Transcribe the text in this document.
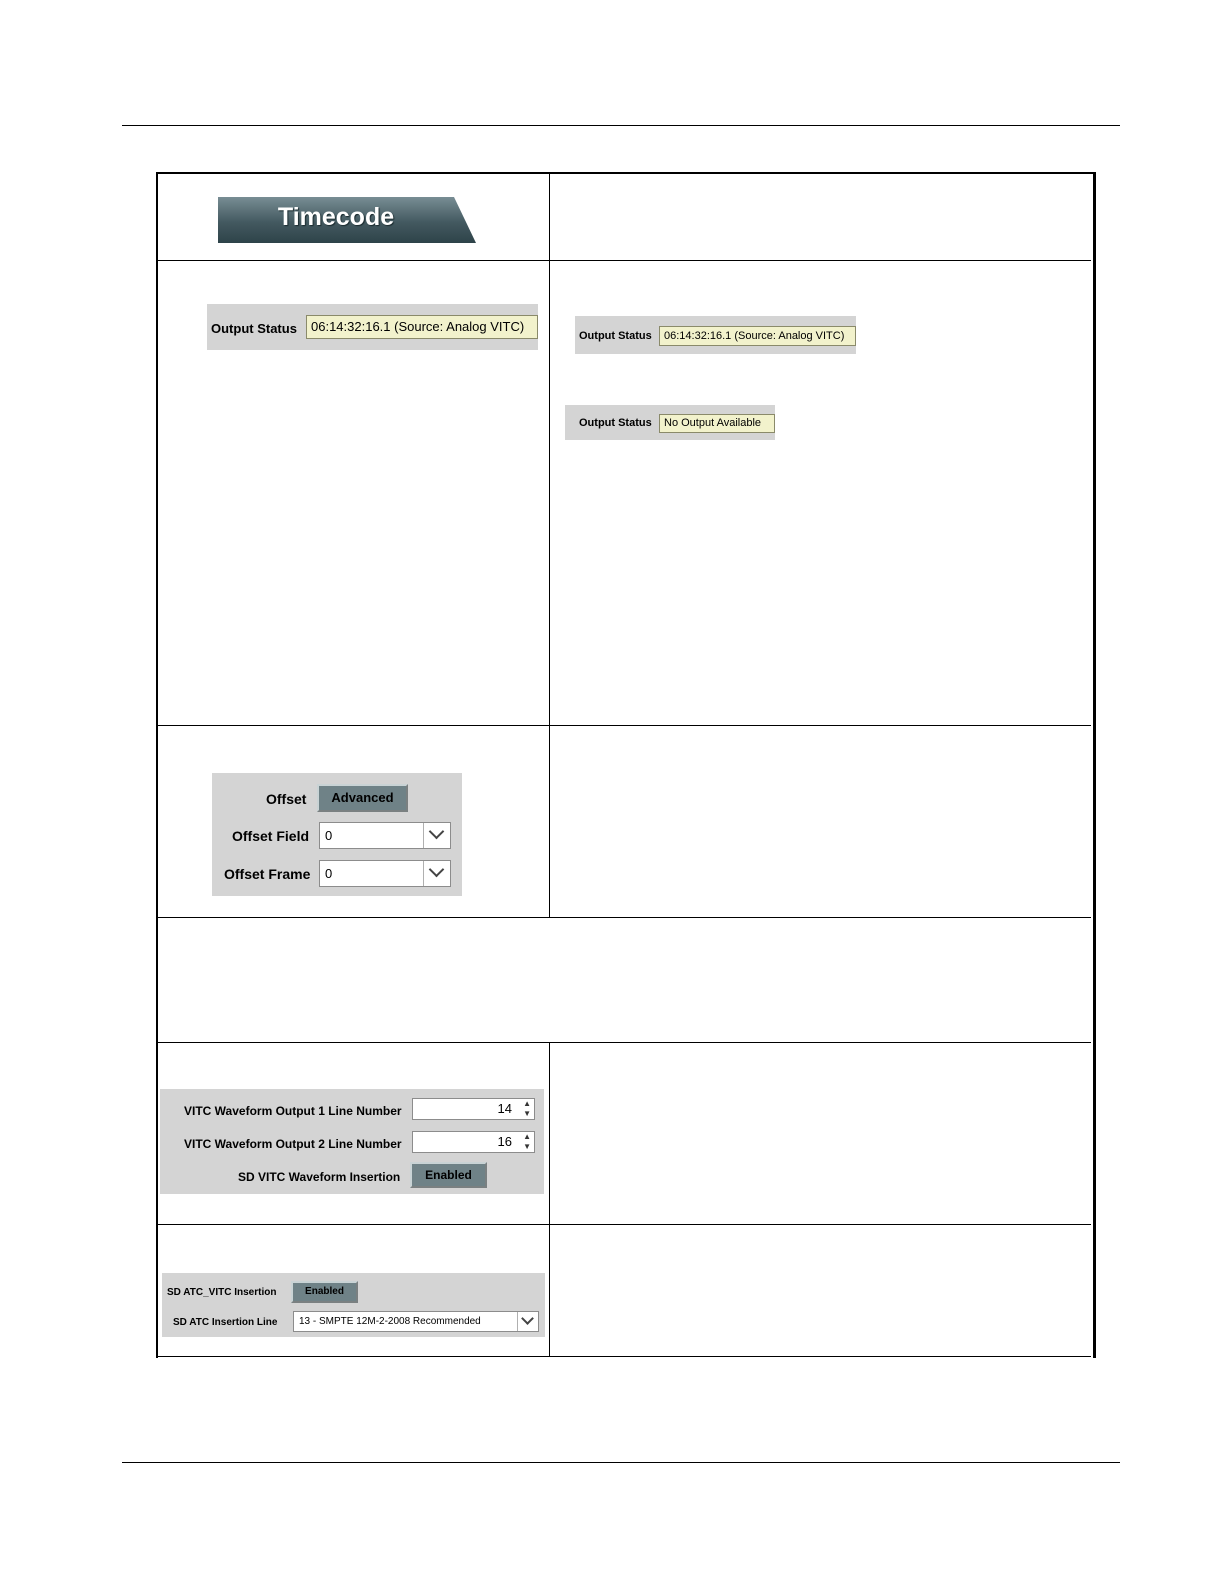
Timecode
Output Status	06:14:32:16.1 (Source: Analog VITC)
Output Status	06:14:32:16.1 (Source: Analog VITC)
Output Status	No Output Available
Offset	Advanced
Offset Field	0
Offset Frame	0
VITC Waveform Output 1 Line Number	14 ▲
▼
VITC Waveform Output 2 Line Number	16 ▲
▼
SD VITC Waveform Insertion	Enabled
SD ATC_VITC Insertion	Enabled
SD ATC Insertion Line	13 - SMPTE 12M-2-2008 Recommended
